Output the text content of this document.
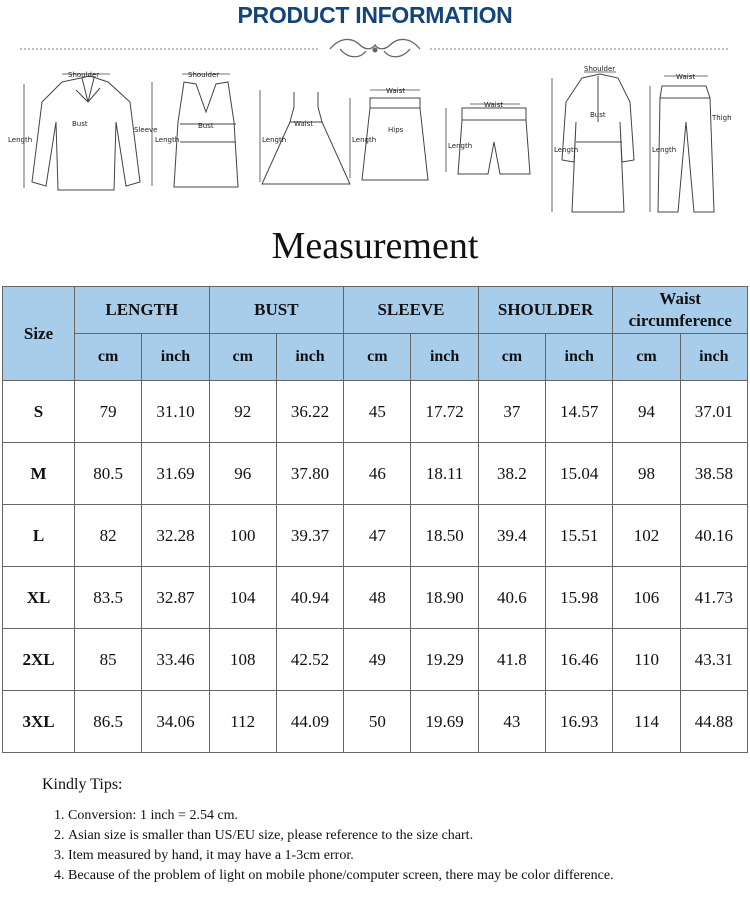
PRODUCT INFORMATION
Shoulder
Bust
Length
Sleeve
Shoulder
Bust
Length
Waist
Length
Waist
Hips
Length
Waist
Length
Shoulder
Bust
Length
Waist
Thigh
Length
Measurement
Size	LENGTH		BUST		SLEEVE		SHOULDER		Waist
circumference	

	cm	inch	cm	inch	cm	inch	cm	inch	cm	inch
S	79	31.10	92	36.22	45	17.72	37	14.57	94	37.01
M	80.5	31.69	96	37.80	46	18.11	38.2	15.04	98	38.58
L	82	32.28	100	39.37	47	18.50	39.4	15.51	102	40.16
XL	83.5	32.87	104	40.94	48	18.90	40.6	15.98	106	41.73
2XL	85	33.46	108	42.52	49	19.29	41.8	16.46	110	43.31
3XL	86.5	34.06	112	44.09	50	19.69	43	16.93	114	44.88
Kindly Tips:
1. Conversion: 1 inch = 2.54 cm.
2. Asian size is smaller than US/EU size, please reference to the size chart.
3. Item measured by hand, it may have a 1-3cm error.
4. Because of the problem of light on mobile phone/computer screen, there may be color difference.
